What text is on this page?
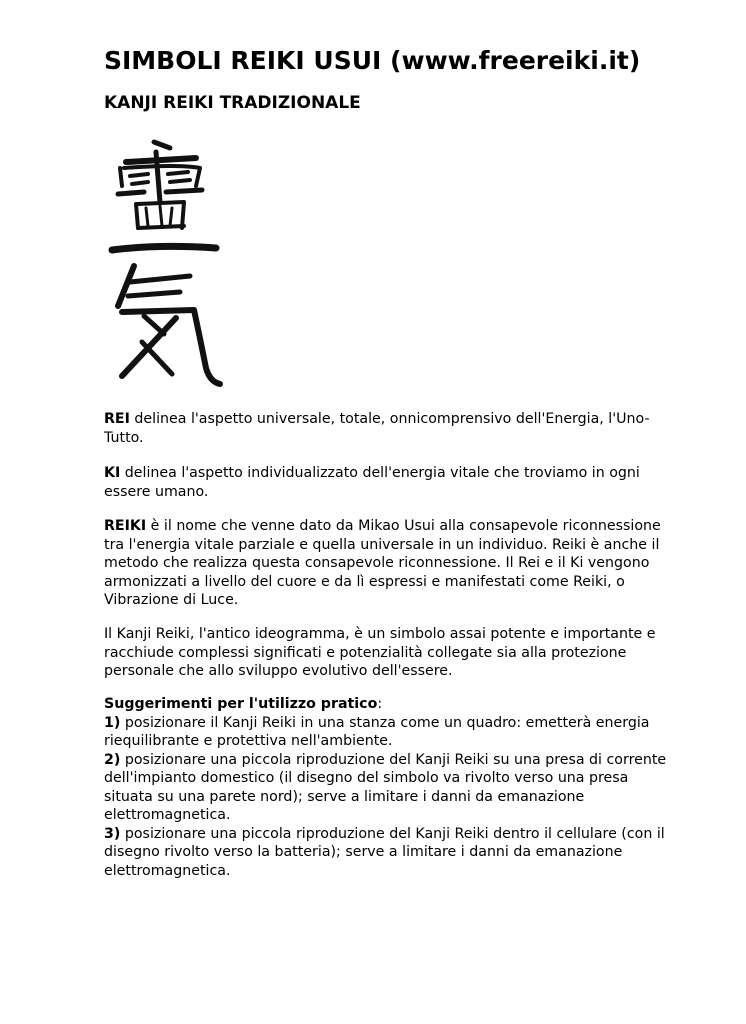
SIMBOLI REIKI USUI (www.freereiki.it)
KANJI REIKI TRADIZIONALE
REI delinea l'aspetto universale, totale, onnicomprensivo dell'Energia, l'Uno-
Tutto.
KI delinea l'aspetto individualizzato dell'energia vitale che troviamo in ogni
essere umano.
REIKI è il nome che venne dato da Mikao Usui alla consapevole riconnessione
tra l'energia vitale parziale e quella universale in un individuo. Reiki è anche il
metodo che realizza questa consapevole riconnessione. Il Rei e il Ki vengono
armonizzati a livello del cuore e da lì espressi e manifestati come Reiki, o
Vibrazione di Luce.
Il Kanji Reiki, l'antico ideogramma, è un simbolo assai potente e importante e
racchiude complessi significati e potenzialità collegate sia alla protezione
personale che allo sviluppo evolutivo dell'essere.
Suggerimenti per l'utilizzo pratico:
1) posizionare il Kanji Reiki in una stanza come un quadro: emetterà energia
riequilibrante e protettiva nell'ambiente.
2) posizionare una piccola riproduzione del Kanji Reiki su una presa di corrente
dell'impianto domestico (il disegno del simbolo va rivolto verso una presa
situata su una parete nord); serve a limitare i danni da emanazione
elettromagnetica.
3) posizionare una piccola riproduzione del Kanji Reiki dentro il cellulare (con il
disegno rivolto verso la batteria); serve a limitare i danni da emanazione
elettromagnetica.
